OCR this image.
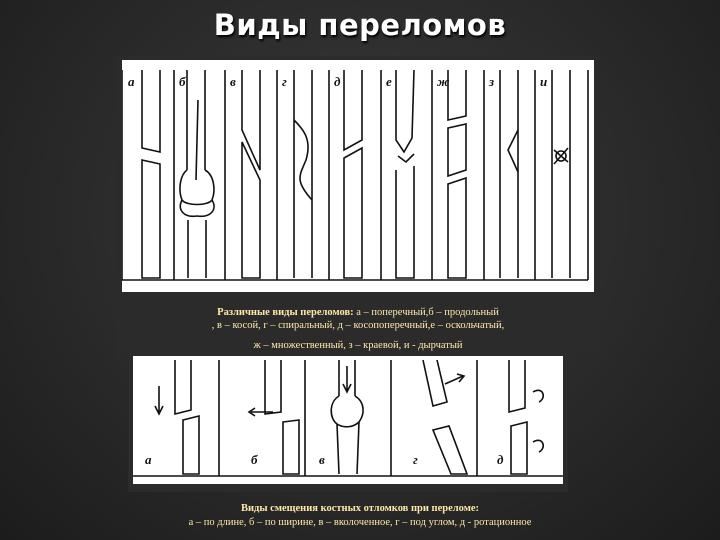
Виды переломов
а	б	в	г	д	е	ж	з	и
Различные виды переломов: а – поперечный,б – продольный
, в – косой, г – спиральный, д – косопоперечный,е – оскольчатый,
ж – множественный, з – краевой, и - дырчатый
а	б	в	г	д
Виды смещения костных отломков при переломе:
а – по длине, б – по ширине, в – вколоченное, г – под углом, д - ротационное
